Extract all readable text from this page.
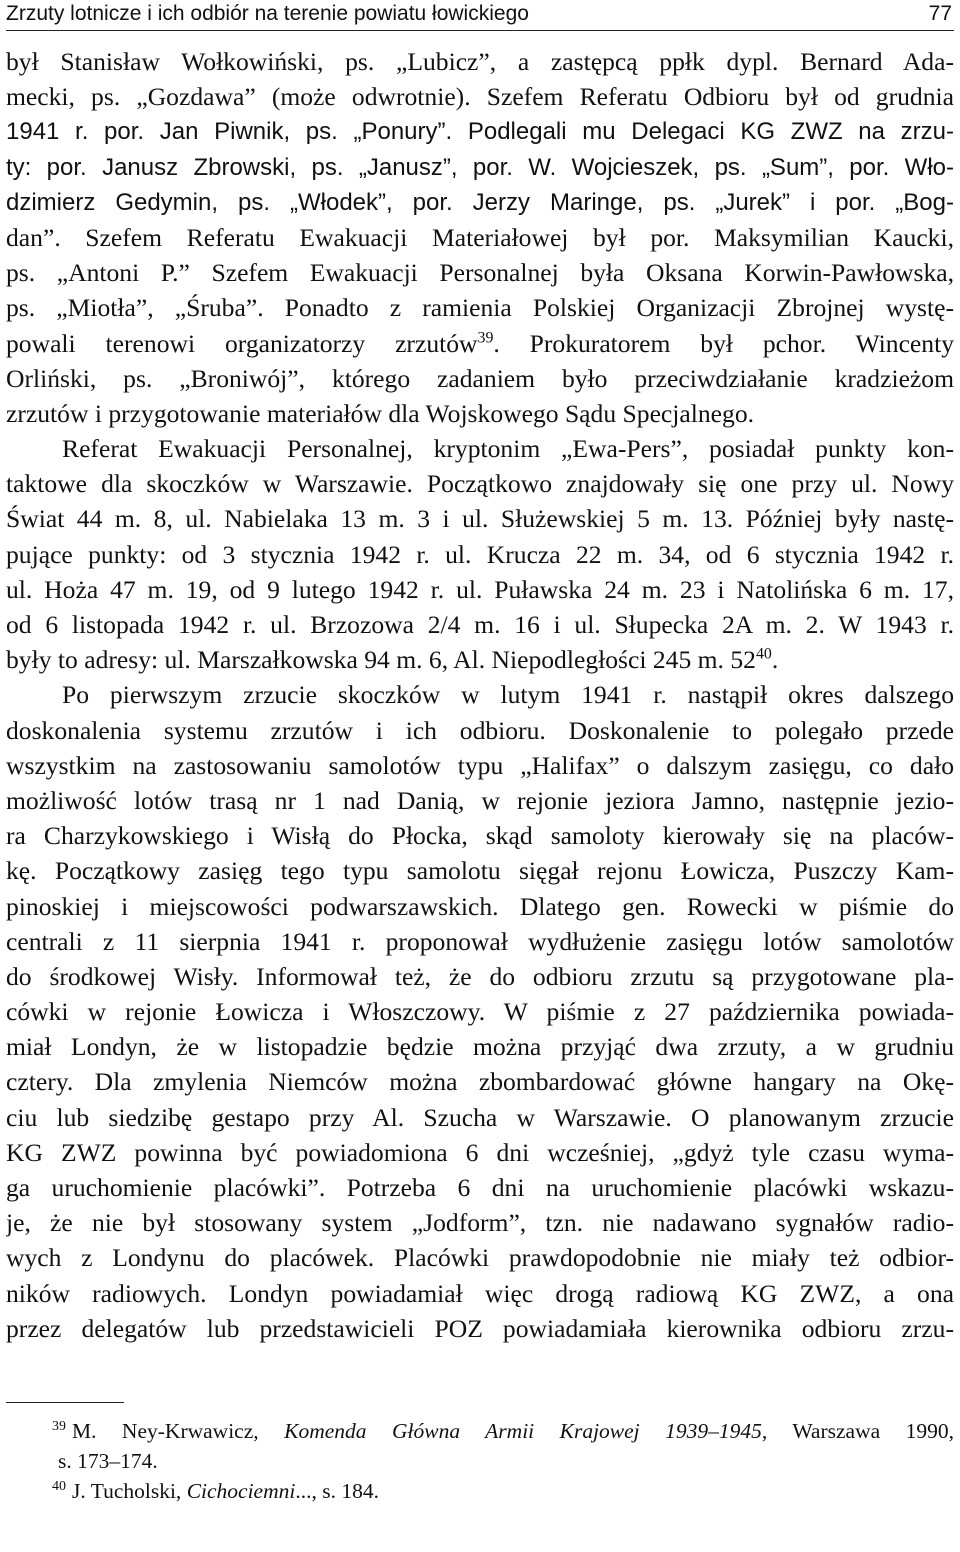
Zrzuty lotnicze i ich odbiór na terenie powiatu łowickiego	77
był Stanisław Wołkowiński, ps. „Lubicz”, a zastępcą ppłk dypl. Bernard Ada-
mecki, ps. „Gozdawa” (może odwrotnie). Szefem Referatu Odbioru był od grudnia
1941 r. por. Jan Piwnik, ps. „Ponury”. Podlegali mu Delegaci KG ZWZ na zrzu-
ty: por. Janusz Zbrowski, ps. „Janusz”, por. W. Wojcieszek, ps. „Sum”, por. Wło-
dzimierz Gedymin, ps. „Włodek”, por. Jerzy Maringe, ps. „Jurek” i por. „Bog-
dan”. Szefem Referatu Ewakuacji Materiałowej był por. Maksymilian Kaucki,
ps. „Antoni P.” Szefem Ewakuacji Personalnej była Oksana Korwin-Pawłowska,
ps. „Miotła”, „Śruba”. Ponadto z ramienia Polskiej Organizacji Zbrojnej wystę-
powali terenowi organizatorzy zrzutów$^{39}$. Prokuratorem był pchor. Wincenty
Orliński, ps. „Broniwój”, którego zadaniem było przeciwdziałanie kradzieżom
zrzutów i przygotowanie materiałów dla Wojskowego Sądu Specjalnego.
Referat Ewakuacji Personalnej, kryptonim „Ewa-Pers”, posiadał punkty kon-
taktowe dla skoczków w Warszawie. Początkowo znajdowały się one przy ul. Nowy
Świat 44 m. 8, ul. Nabielaka 13 m. 3 i ul. Służewskiej 5 m. 13. Później były nastę-
pujące punkty: od 3 stycznia 1942 r. ul. Krucza 22 m. 34, od 6 stycznia 1942 r.
ul. Hoża 47 m. 19, od 9 lutego 1942 r. ul. Puławska 24 m. 23 i Natolińska 6 m. 17,
od 6 listopada 1942 r. ul. Brzozowa 2/4 m. 16 i ul. Słupecka 2A m. 2. W 1943 r.
były to adresy: ul. Marszałkowska 94 m. 6, Al. Niepodległości 245 m. $52^{40}$.
Po pierwszym zrzucie skoczków w lutym 1941 r. nastąpił okres dalszego
doskonalenia systemu zrzutów i ich odbioru. Doskonalenie to polegało przede
wszystkim na zastosowaniu samolotów typu „Halifax” o dalszym zasięgu, co dało
możliwość lotów trasą nr 1 nad Danią, w rejonie jeziora Jamno, następnie jezio-
ra Charzykowskiego i Wisłą do Płocka, skąd samoloty kierowały się na placów-
kę. Początkowy zasięg tego typu samolotu sięgał rejonu Łowicza, Puszczy Kam-
pinoskiej i miejscowości podwarszawskich. Dlatego gen. Rowecki w piśmie do
centrali z 11 sierpnia 1941 r. proponował wydłużenie zasięgu lotów samolotów
do środkowej Wisły. Informował też, że do odbioru zrzutu są przygotowane pla-
cówki w rejonie Łowicza i Włoszczowy. W piśmie z 27 października powiada-
miał Londyn, że w listopadzie będzie można przyjąć dwa zrzuty, a w grudniu
cztery. Dla zmylenia Niemców można zbombardować główne hangary na Okę-
ciu lub siedzibę gestapo przy Al. Szucha w Warszawie. O planowanym zrzucie
KG ZWZ powinna być powiadomiona 6 dni wcześniej, „gdyż tyle czasu wyma-
ga uruchomienie placówki”. Potrzeba 6 dni na uruchomienie placówki wskazu-
je, że nie był stosowany system „Jodform”, tzn. nie nadawano sygnałów radio-
wych z Londynu do placówek. Placówki prawdopodobnie nie miały też odbior-
ników radiowych. Londyn powiadamiał więc drogą radiową KG ZWZ, a ona
przez delegatów lub przedstawicieli POZ powiadamiała kierownika odbioru zrzu-
$^{39}$ M. Ney-Krwawicz, Komenda Główna Armii Krajowej 1939–1945, Warszawa 1990,
s. 173–174.
$^{40}$ J. Tucholski, Cichociemni..., s. 184.
